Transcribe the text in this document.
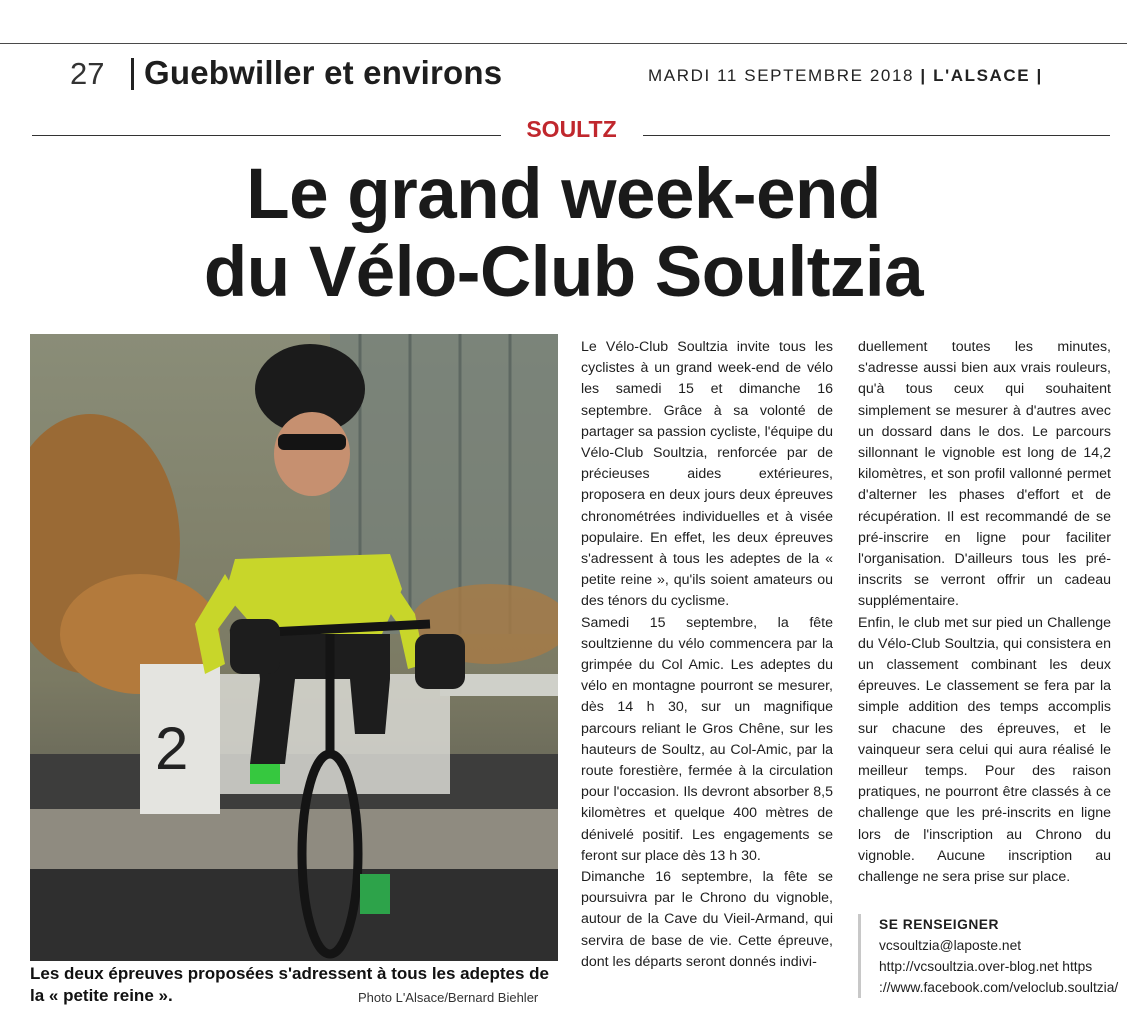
27 Guebwiller et environs	MARDI 11 SEPTEMBRE 2018 | L'ALSACE |
SOULTZ
Le grand week-end
du Vélo-Club Soultzia
2
Les deux épreuves proposées s'adressent à tous les adeptes de la « petite reine ».	Photo L'Alsace/Bernard Biehler

Le Vélo-Club Soultzia invite tous les cyclistes à un grand week-end de vélo les samedi 15 et dimanche 16 septembre. Grâce à sa volonté de partager sa passion cycliste, l'équipe du Vélo-Club Soultzia, renforcée par de précieuses aides extérieures, proposera en deux jours deux épreuves chronométrées individuelles et à visée populaire. En effet, les deux épreuves s'adressent à tous les adeptes de la « petite reine », qu'ils soient amateurs ou des ténors du cyclisme.

Samedi 15 septembre, la fête soultzienne du vélo commencera par la grimpée du Col Amic. Les adeptes du vélo en montagne pourront se mesurer, dès 14 h 30, sur un magnifique parcours reliant le Gros Chêne, sur les hauteurs de Soultz, au Col-Amic, par la route forestière, fermée à la circulation pour l'occasion. Ils devront absorber 8,5 kilomètres et quelque 400 mètres de dénivelé positif. Les engagements se feront sur place dès 13 h 30.

Dimanche 16 septembre, la fête se poursuivra par le Chrono du vignoble, autour de la Cave du Vieil-Armand, qui servira de base de vie. Cette épreuve, dont les départs seront donnés indivi-

duellement toutes les minutes, s'adresse aussi bien aux vrais rouleurs, qu'à tous ceux qui souhaitent simplement se mesurer à d'autres avec un dossard dans le dos. Le parcours sillonnant le vignoble est long de 14,2 kilomètres, et son profil vallonné permet d'alterner les phases d'effort et de récupération. Il est recommandé de se pré-inscrire en ligne pour faciliter l'organisation. D'ailleurs tous les pré-inscrits se verront offrir un cadeau supplémentaire.

Enfin, le club met sur pied un Challenge du Vélo-Club Soultzia, qui consistera en un classement combinant les deux épreuves. Le classement se fera par la simple addition des temps accomplis sur chacune des épreuves, et le vainqueur sera celui qui aura réalisé le meilleur temps. Pour des raison pratiques, ne pourront être classés à ce challenge que les pré-inscrits en ligne lors de l'inscription au Chrono du vignoble. Aucune inscription au challenge ne sera prise sur place.

SE RENSEIGNER vcsoultzia@laposte.net http://vcsoultzia.over-blog.net https ://www.facebook.com/veloclub.soultzia/
